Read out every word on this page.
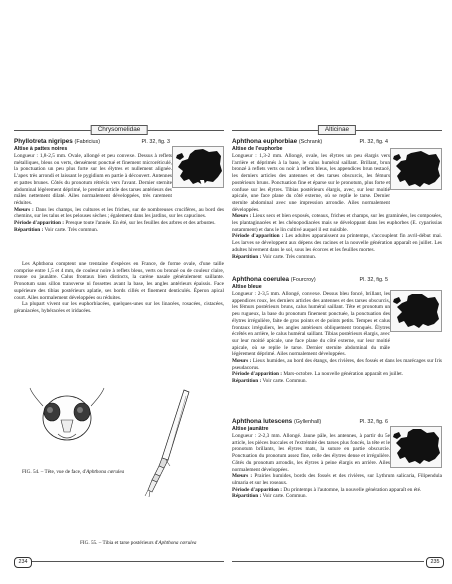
Chrysomelidae
Phyllotreta nigripes (Fabricius)	Pl. 32, fig. 3
Altise à pattes noires

Longueur : 1,8-2,5 mm. Ovale, allongé et peu convexe. Dessus à reflets métalliques, bleus ou verts, densément ponctué et finement microréticulé, la ponctuation un peu plus forte sur les élytres et nullement alignée. L'apex très arrondi et laissant le pygidium en partie à découvert. Antennes et pattes brunes. Côtés du pronotum rétrécis vers l'avant. Dernier sternite abdominal légèrement déprimé, le premier article des tarses antérieurs des mâles nettement dilaté. Ailes normalement développées, très rarement réduites.

Mœurs : Dans les champs, les cultures et les friches, sur de nombreuses crucifères, au bord des chemins, sur les talus et les pelouses sèches ; également dans les jardins, sur les capucines.

Période d'apparition : Presque toute l'année. En été, sur les feuilles des arbres et des arbustes.

Répartition : Voir carte. Très commun.

Les Aphthona comptent une trentaine d'espèces en France, de forme ovale, d'une taille comprise entre 1,5 et 4 mm, de couleur noire à reflets bleus, verts ou bronzé ou de couleur claire, rousse ou jaunâtre. Calus frontaux bien distincts, la carène nasale généralement saillante. Pronotum sans sillon transverse ni fossettes avant la base, les angles antérieurs épaissis. Face supérieure des tibias postérieurs aplatie, ses bords cillés et finement denticulés. Éperon apical court. Ailes normalement développées ou réduites.

La plupart vivent sur les euphorbiacées, quelques-unes sur les linacées, rosacées, cistacées, géraniacées, hybéracées et iridacées.

FIG. 54. – Tête, vue de face, d'Aphthona cœrulea
FIG. 55. – Tibia et tarse postérieurs d'Aphthona cœrulea
234
Alticinae
Aphthona euphorbiae (Schrank)	Pl. 32, fig. 4
Altise de l'euphorbe

Longueur : 1,3-2 mm. Allongé, ovale, les élytres un peu élargis vers l'arrière et déprimés à la base, le calus huméral saillant. Brillant, brun bronzé à reflets verts ou noir à reflets bleus, les appendices brun testacé, les derniers articles des antennes et des tarses obscurcis, les fémurs postérieurs bruns. Ponctuation fine et éparse sur le pronotum, plus forte et confuse sur les élytres. Tibias postérieurs élargis, avec, sur leur moitié apicale, une face plane du côté externe, où se replie le tarse. Dernier sternite abdominal avec une impression arrondie. Ailes normalement développées.

Mœurs : Lieux secs et bien exposés, coteaux, friches et champs, sur les graminées, les composées, les plantaginacées et les chénopodiacées mais se développant dans les euphorbes (E. cyparissias notamment) et dans le lin cultivé auquel il est nuisible.

Période d'apparition : Les adultes apparaissent au printemps, s'accouplent fin avril-début mai. Les larves se développent aux dépens des racines et la nouvelle génération apparaît en juillet. Les adultes hivernent dans le sol, sous les écorces et les feuilles mortes.

Répartition : Voir carte. Très commun.

Aphthona coerulea (Fourcroy)	Pl. 32, fig. 5
Altise bleue

Longueur : 2-3,5 mm. Allongé, convexe. Dessus bleu foncé, brillant, les appendices roux, les derniers articles des antennes et des tarses obscurcis, les fémurs postérieurs bruns, calus huméral saillant. Tête et pronotum un peu rugueux, la base du pronotum finement ponctuée, la ponctuation des élytres irrégulière, faite de gros points et de points petits. Tempes et calus frontaux irréguliers, les angles antérieurs obliquement tronqués. Élytres écrêtés en arrière, le calus huméral saillant. Tibias postérieurs élargis, avec sur leur moitié apicale, une face plane du côté externe, sur leur moitié apicale, où se replie le tarse. Dernier sternite abdominal du mâle légèrement déprimé. Ailes normalement développées.

Mœurs : Lieux humides, au bord des étangs, des rivières, des fossés et dans les marécages sur Iris pseudacorus.

Période d'apparition : Mars-octobre. La nouvelle génération apparaît en juillet.

Répartition : Voir carte. Commun.

Aphthona lutescens (Gyllenhall)	Pl. 32, fig. 6
Altise jaunâtre

Longueur : 2-2,3 mm. Allongé. Jaune pâle, les antennes, à partir du 5e article, les pièces buccales et l'extrémité des tarses plus foncés, la tête et le pronotum brillants, les élytres mats, la suture en partie obscurcie. Ponctuation du pronotum assez fine, celle des élytres dense et irrégulière. Côtés du pronotum arrondis, les élytres à peine élargis en arrière. Ailes normalement développées.

Mœurs : Prairies humides, bords des fossés et des rivières, sur Lythrum salicaria, Filipendula ulmaria et sur les roseaux.

Période d'apparition : Du printemps à l'automne, la nouvelle génération apparaît en été.

Répartition : Voir carte. Commun.

235
